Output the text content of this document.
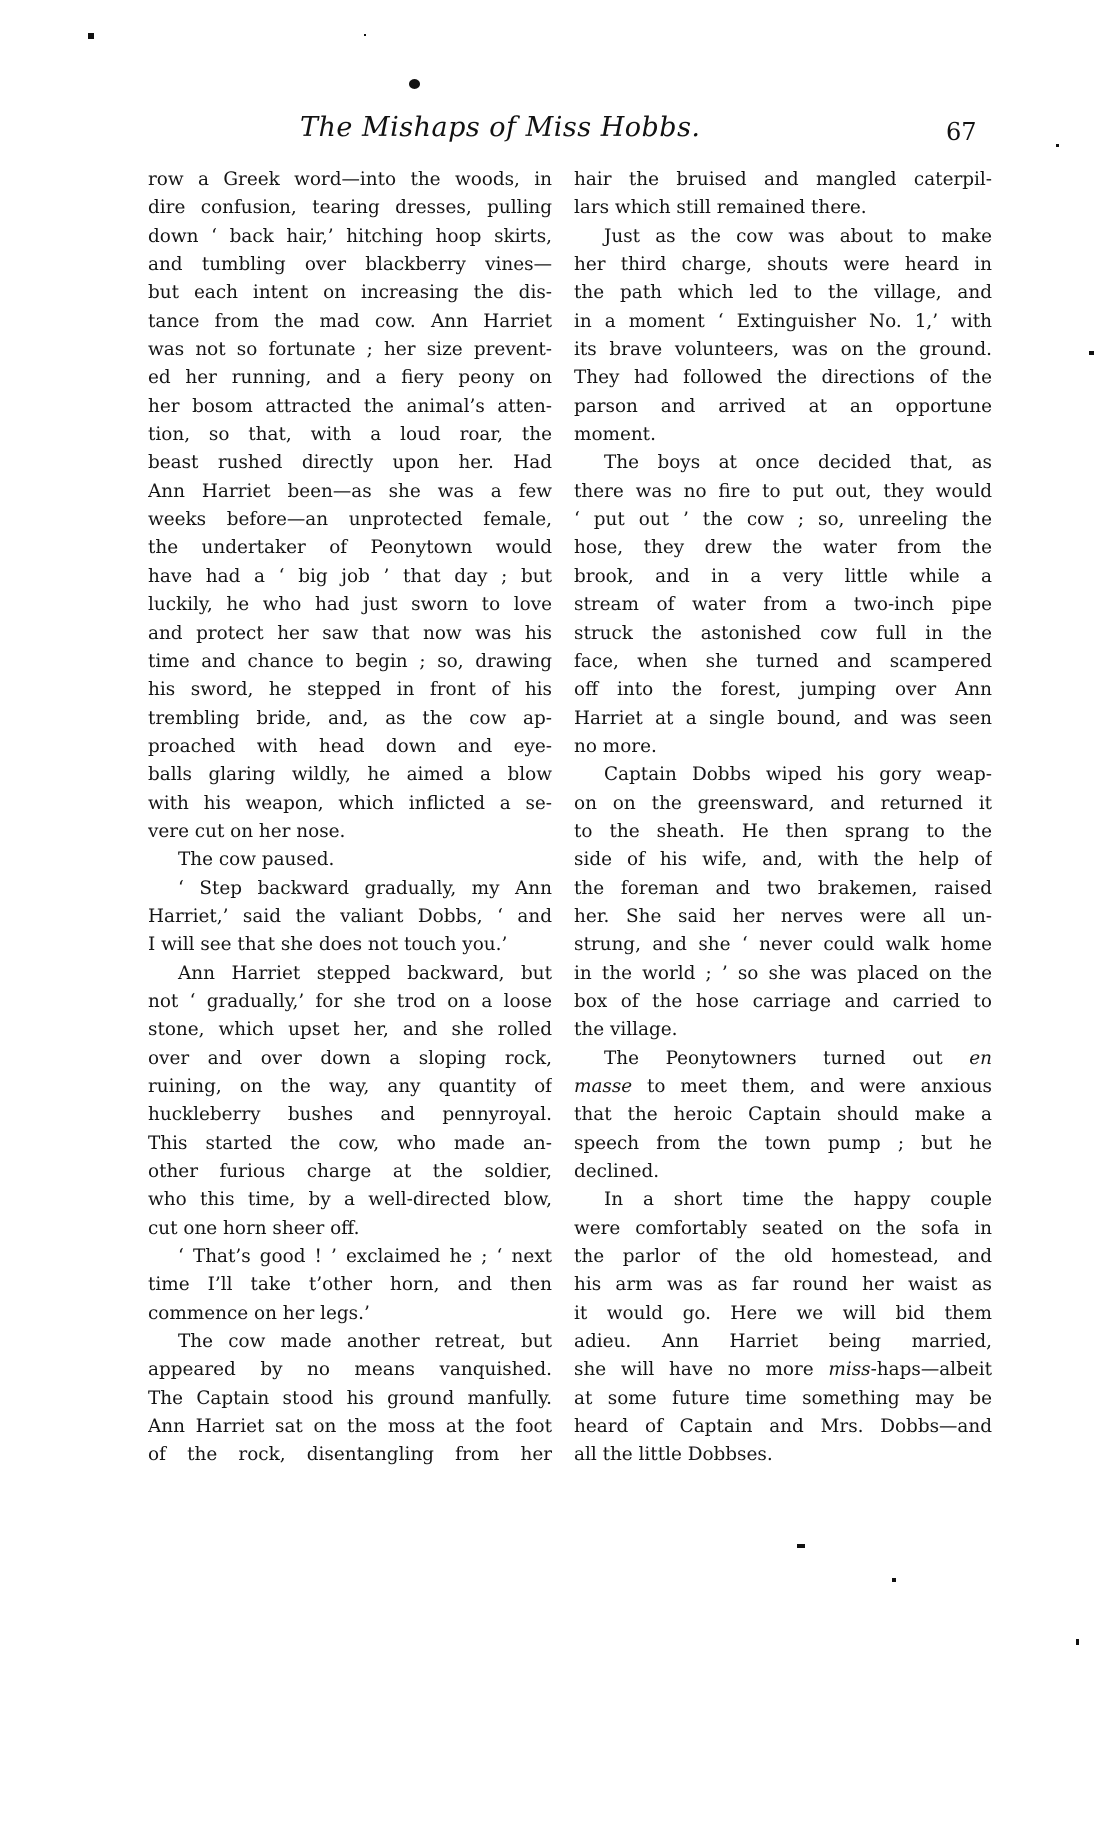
The Mishaps of Miss Hobbs.	67
row a Greek word—into the woods, in
dire confusion, tearing dresses, pulling
down ‘ back hair,’ hitching hoop skirts,
and tumbling over blackberry vines—
but each intent on increasing the dis-
tance from the mad cow. Ann Harriet
was not so fortunate ; her size prevent-
ed her running, and a fiery peony on
her bosom attracted the animal’s atten-
tion, so that, with a loud roar, the
beast rushed directly upon her. Had
Ann Harriet been—as she was a few
weeks before—an unprotected female,
the undertaker of Peonytown would
have had a ‘ big job ’ that day ; but
luckily, he who had just sworn to love
and protect her saw that now was his
time and chance to begin ; so, drawing
his sword, he stepped in front of his
trembling bride, and, as the cow ap-
proached with head down and eye-
balls glaring wildly, he aimed a blow
with his weapon, which inflicted a se-
vere cut on her nose.
The cow paused.
‘ Step backward gradually, my Ann
Harriet,’ said the valiant Dobbs, ‘ and
I will see that she does not touch you.’
Ann Harriet stepped backward, but
not ‘ gradually,’ for she trod on a loose
stone, which upset her, and she rolled
over and over down a sloping rock,
ruining, on the way, any quantity of
huckleberry bushes and pennyroyal.
This started the cow, who made an-
other furious charge at the soldier,
who this time, by a well-directed blow,
cut one horn sheer off.
‘ That’s good ! ’ exclaimed he ; ‘ next
time I’ll take t’other horn, and then
commence on her legs.’
The cow made another retreat, but
appeared by no means vanquished.
The Captain stood his ground manfully.
Ann Harriet sat on the moss at the foot
of the rock, disentangling from her
hair the bruised and mangled caterpil-
lars which still remained there.
Just as the cow was about to make
her third charge, shouts were heard in
the path which led to the village, and
in a moment ‘ Extinguisher No. 1,’ with
its brave volunteers, was on the ground.
They had followed the directions of the
parson and arrived at an opportune
moment.
The boys at once decided that, as
there was no fire to put out, they would
‘ put out ’ the cow ; so, unreeling the
hose, they drew the water from the
brook, and in a very little while a
stream of water from a two-inch pipe
struck the astonished cow full in the
face, when she turned and scampered
off into the forest, jumping over Ann
Harriet at a single bound, and was seen
no more.
Captain Dobbs wiped his gory weap-
on on the greensward, and returned it
to the sheath. He then sprang to the
side of his wife, and, with the help of
the foreman and two brakemen, raised
her. She said her nerves were all un-
strung, and she ‘ never could walk home
in the world ; ’ so she was placed on the
box of the hose carriage and carried to
the village.
The Peonytowners turned out en
masse to meet them, and were anxious
that the heroic Captain should make a
speech from the town pump ; but he
declined.
In a short time the happy couple
were comfortably seated on the sofa in
the parlor of the old homestead, and
his arm was as far round her waist as
it would go. Here we will bid them
adieu. Ann Harriet being married,
she will have no more miss-haps—albeit
at some future time something may be
heard of Captain and Mrs. Dobbs—and
all the little Dobbses.
